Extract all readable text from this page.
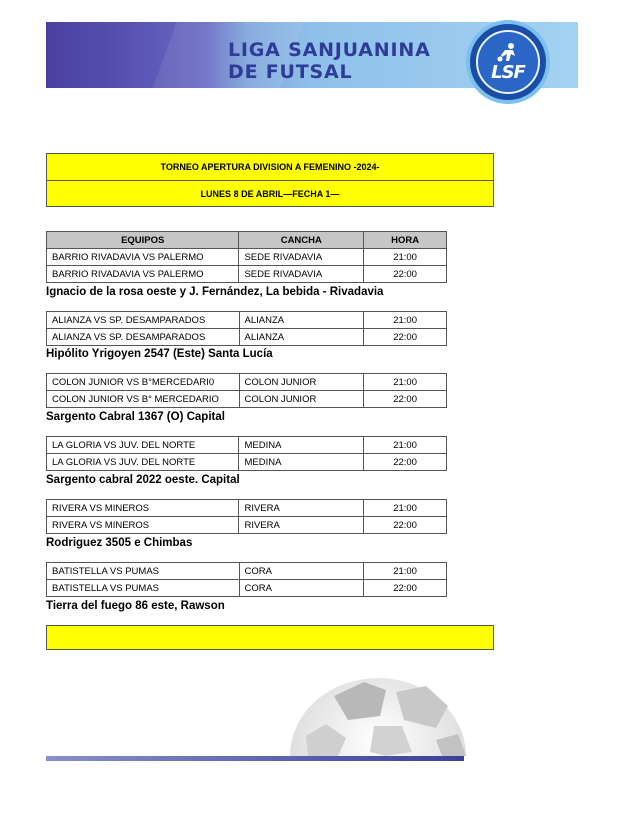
LIGA SANJUANINA
DE FUTSAL	LSF
TORNEO APERTURA DIVISION A FEMENINO -2024-
LUNES 8 DE ABRIL—FECHA 1—
EQUIPOS	CANCHA	HORA
BARRIO RIVADAVIA VS PALERMO	SEDE RIVADAVIA	21:00
BARRIO RIVADAVIA VS PALERMO	SEDE RIVADAVIA	22:00
Ignacio de la rosa oeste y J. Fernández, La bebida - Rivadavia
ALIANZA VS SP. DESAMPARADOS	ALIANZA	21:00
ALIANZA VS SP. DESAMPARADOS	ALIANZA	22:00
Hipólito Yrigoyen 2547 (Este) Santa Lucía
COLON JUNIOR VS B°MERCEDARI0	COLON JUNIOR	21:00
COLON JUNIOR VS B° MERCEDARIO	COLON JUNIOR	22:00
Sargento Cabral 1367 (O) Capital
LA GLORIA VS JUV. DEL NORTE	MEDINA	21:00
LA GLORIA VS JUV. DEL NORTE	MEDINA	22:00
Sargento cabral 2022 oeste. Capital
RIVERA VS MINEROS	RIVERA	21:00
RIVERA VS MINEROS	RIVERA	22:00
Rodriguez 3505 e Chimbas
BATISTELLA VS PUMAS	CORA	21:00
BATISTELLA VS PUMAS	CORA	22:00
Tierra del fuego 86 este, Rawson
